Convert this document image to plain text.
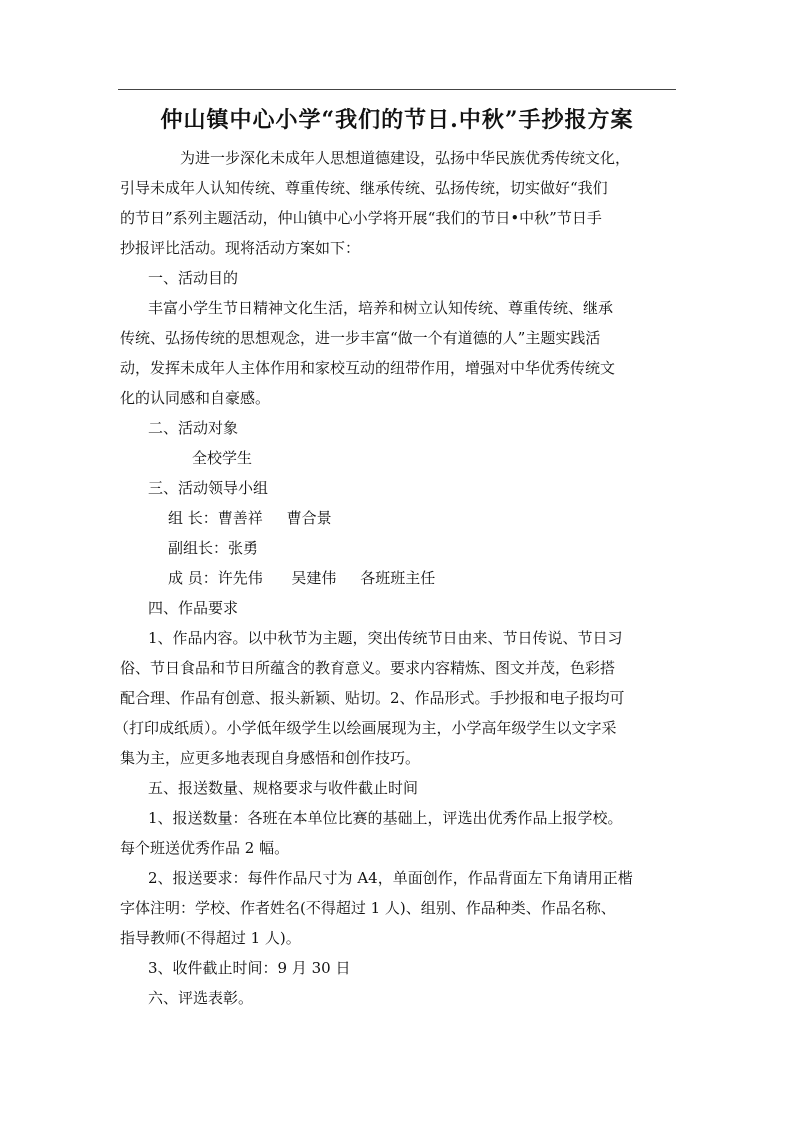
仲山镇中心小学“我们的节日.中秋”手抄报方案
为进一步深化未成年人思想道德建设，弘扬中华民族优秀传统文化，
引导未成年人认知传统、尊重传统、继承传统、弘扬传统，切实做好“我们
的节日”系列主题活动，仲山镇中心小学将开展“我们的节日•中秋”节日手
抄报评比活动。现将活动方案如下：
一、活动目的
丰富小学生节日精神文化生活，培养和树立认知传统、尊重传统、继承
传统、弘扬传统的思想观念，进一步丰富“做一个有道德的人”主题实践活
动，发挥未成年人主体作用和家校互动的纽带作用，增强对中华优秀传统文
化的认同感和自豪感。
二、活动对象
全校学生
三、活动领导小组
组 长：曹善祥     曹合景
副组长：张勇
成 员：许先伟      吴建伟     各班班主任
四、作品要求
1、作品内容。以中秋节为主题，突出传统节日由来、节日传说、节日习
俗、节日食品和节日所蕴含的教育意义。要求内容精炼、图文并茂，色彩搭
配合理、作品有创意、报头新颖、贴切。2、作品形式。手抄报和电子报均可
（打印成纸质）。小学低年级学生以绘画展现为主，小学高年级学生以文字采
集为主，应更多地表现自身感悟和创作技巧。
五、报送数量、规格要求与收件截止时间
1、报送数量：各班在本单位比赛的基础上，评选出优秀作品上报学校。
每个班送优秀作品 2 幅。
2、报送要求：每件作品尺寸为 A4，单面创作，作品背面左下角请用正楷
字体注明：学校、作者姓名(不得超过 1 人)、组别、作品种类、作品名称、
指导教师(不得超过 1 人)。
3、收件截止时间：9 月 30 日
六、评选表彰。
